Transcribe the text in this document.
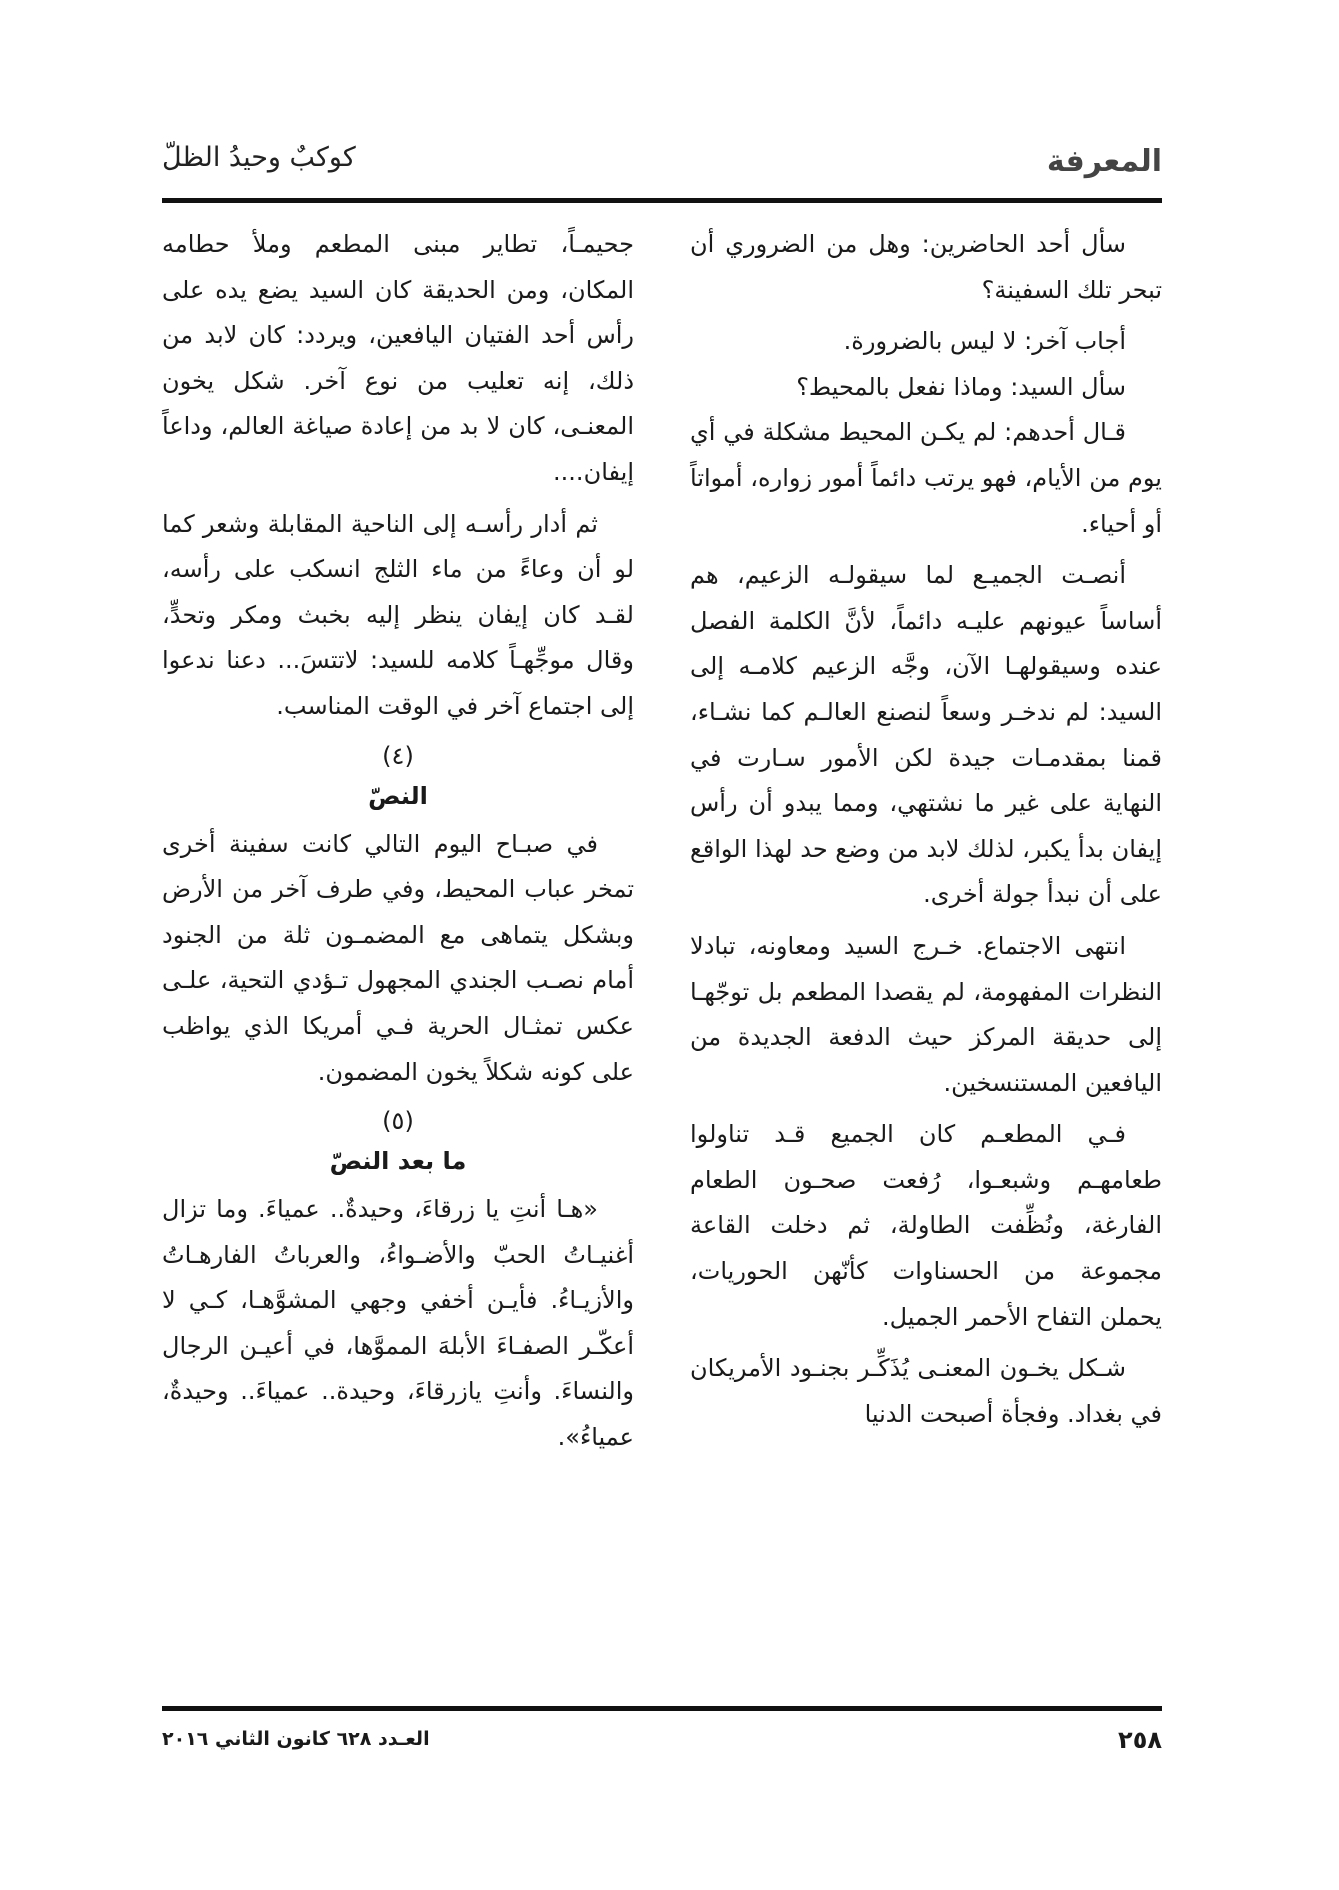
المعرفة
كوكبٌ وحيدُ الظلّ

سأل أحد الحاضرين: وهل من الضروري أن تبحر تلك السفينة؟

أجاب آخر: لا ليس بالضرورة.

سأل السيد: وماذا نفعل بالمحيط؟

قـال أحدهم: لم يكـن المحيط مشكلة في أي يوم من الأيام، فهو يرتب دائماً أمور زواره، أمواتاً أو أحياء.

أنصـت الجميـع لما سيقولـه الزعيم، هم أساساً عيونهم عليـه دائماً، لأنَّ الكلمة الفصل عنده وسيقولهـا الآن، وجَّه الزعيم كلامـه إلى السيد: لم ندخـر وسعاً لنصنع العالـم كما نشـاء، قمنا بمقدمـات جيدة لكن الأمور سـارت في النهاية على غير ما نشتهي، ومما يبدو أن رأس إيفان بدأ يكبر، لذلك لابد من وضع حد لهذا الواقع على أن نبدأ جولة أخرى.

انتهى الاجتماع. خـرج السيد ومعاونه، تبادلا النظرات المفهومة، لم يقصدا المطعم بل توجّهـا إلى حديقة المركز حيث الدفعة الجديدة من اليافعين المستنسخين.

فـي المطعـم كان الجميع قـد تناولوا طعامهـم وشبعـوا، رُفعت صحـون الطعام الفارغة، ونُظِّفت الطاولة، ثم دخلت القاعة مجموعة من الحسناوات كأنّهن الحوريات، يحملن التفاح الأحمر الجميل.

شـكل يخـون المعنـى يُذَكِّـر بجنـود الأمريكان في بغداد. وفجأة أصبحت الدنيا

جحيمـاً، تطاير مبنى المطعم وملأ حطامه المكان، ومن الحديقة كان السيد يضع يده على رأس أحد الفتيان اليافعين، ويردد: كان لابد من ذلك، إنه تعليب من نوع آخر. شكل يخون المعنـى، كان لا بد من إعادة صياغة العالم، وداعاً إيفان....

ثم أدار رأسـه إلى الناحية المقابلة وشعر كما لو أن وعاءً من ماء الثلج انسكب على رأسه، لقـد كان إيفان ينظر إليه بخبث ومكر وتحدٍّ، وقال موجِّهـاً كلامه للسيد: لاتتسَ... دعنا ندعوا إلى اجتماع آخر في الوقت المناسب.

(٤)
النصّ

في صبـاح اليوم التالي كانت سفينة أخرى تمخر عباب المحيط، وفي طرف آخر من الأرض وبشكل يتماهى مع المضمـون ثلة من الجنود أمام نصـب الجندي المجهول تـؤدي التحية، علـى عكس تمثـال الحرية فـي أمريكا الذي يواظب على كونه شكلاً يخون المضمون.

(٥)
ما بعد النصّ

«هـا أنتِ يا زرقاءَ، وحيدةٌ.. عمياءَ. وما تزال أغنيـاتُ الحبّ والأضـواءُ، والعرباتُ الفارهـاتُ والأزيـاءُ. فأيـن أخفي وجهي المشوَّهـا، كـي لا أعكّـر الصفـاءَ الأبلهَ المموَّها، في أعيـن الرجال والنساءَ. وأنتِ يازرقاءَ، وحيدة.. عمياءَ.. وحيدةٌ، عمياءُ».

٢٥٨
العـدد ٦٢٨ كانون الثاني ٢٠١٦
